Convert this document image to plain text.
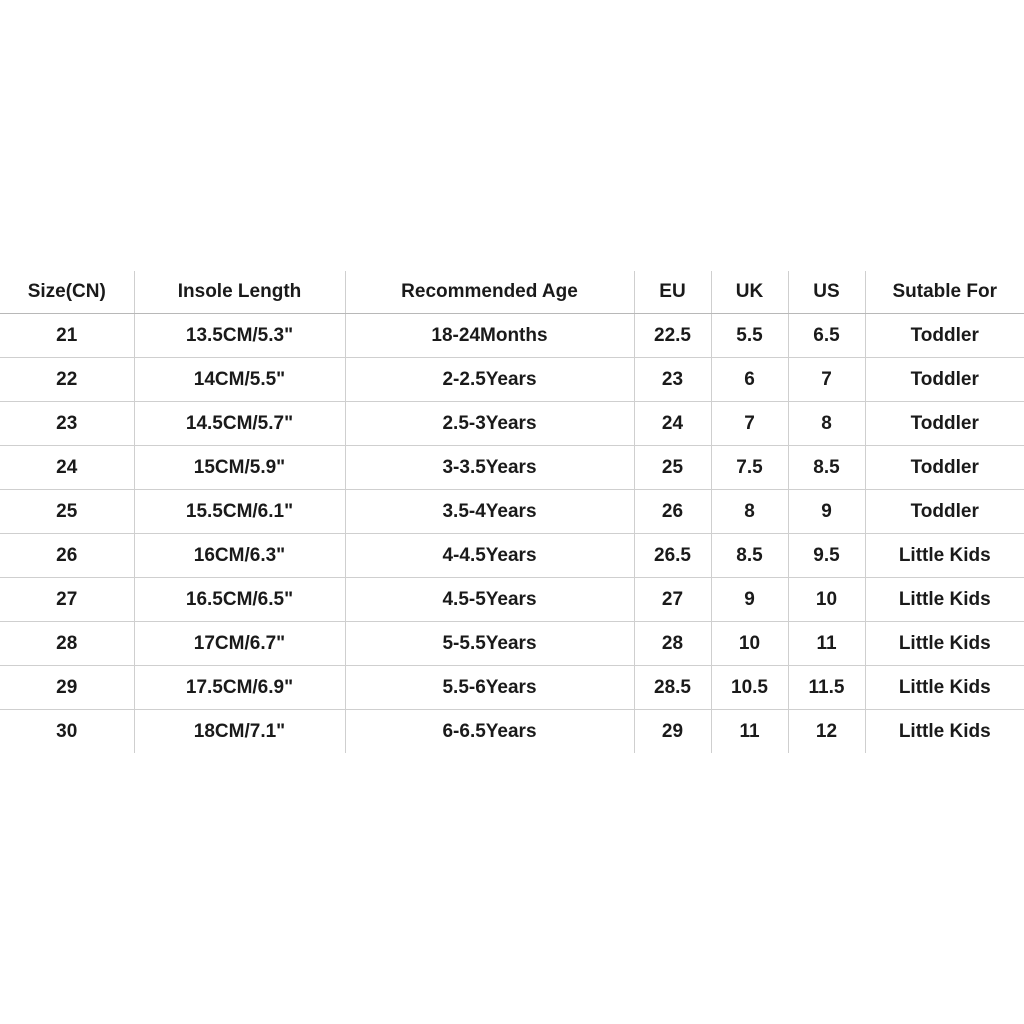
Size(CN)	Insole Length	Recommended Age	EU	UK	US	Sutable For
21	13.5CM/5.3"	18-24Months	22.5	5.5	6.5	Toddler
22	14CM/5.5"	2-2.5Years	23	6	7	Toddler
23	14.5CM/5.7"	2.5-3Years	24	7	8	Toddler
24	15CM/5.9"	3-3.5Years	25	7.5	8.5	Toddler
25	15.5CM/6.1"	3.5-4Years	26	8	9	Toddler
26	16CM/6.3"	4-4.5Years	26.5	8.5	9.5	Little Kids
27	16.5CM/6.5"	4.5-5Years	27	9	10	Little Kids
28	17CM/6.7"	5-5.5Years	28	10	11	Little Kids
29	17.5CM/6.9"	5.5-6Years	28.5	10.5	11.5	Little Kids
30	18CM/7.1"	6-6.5Years	29	11	12	Little Kids
